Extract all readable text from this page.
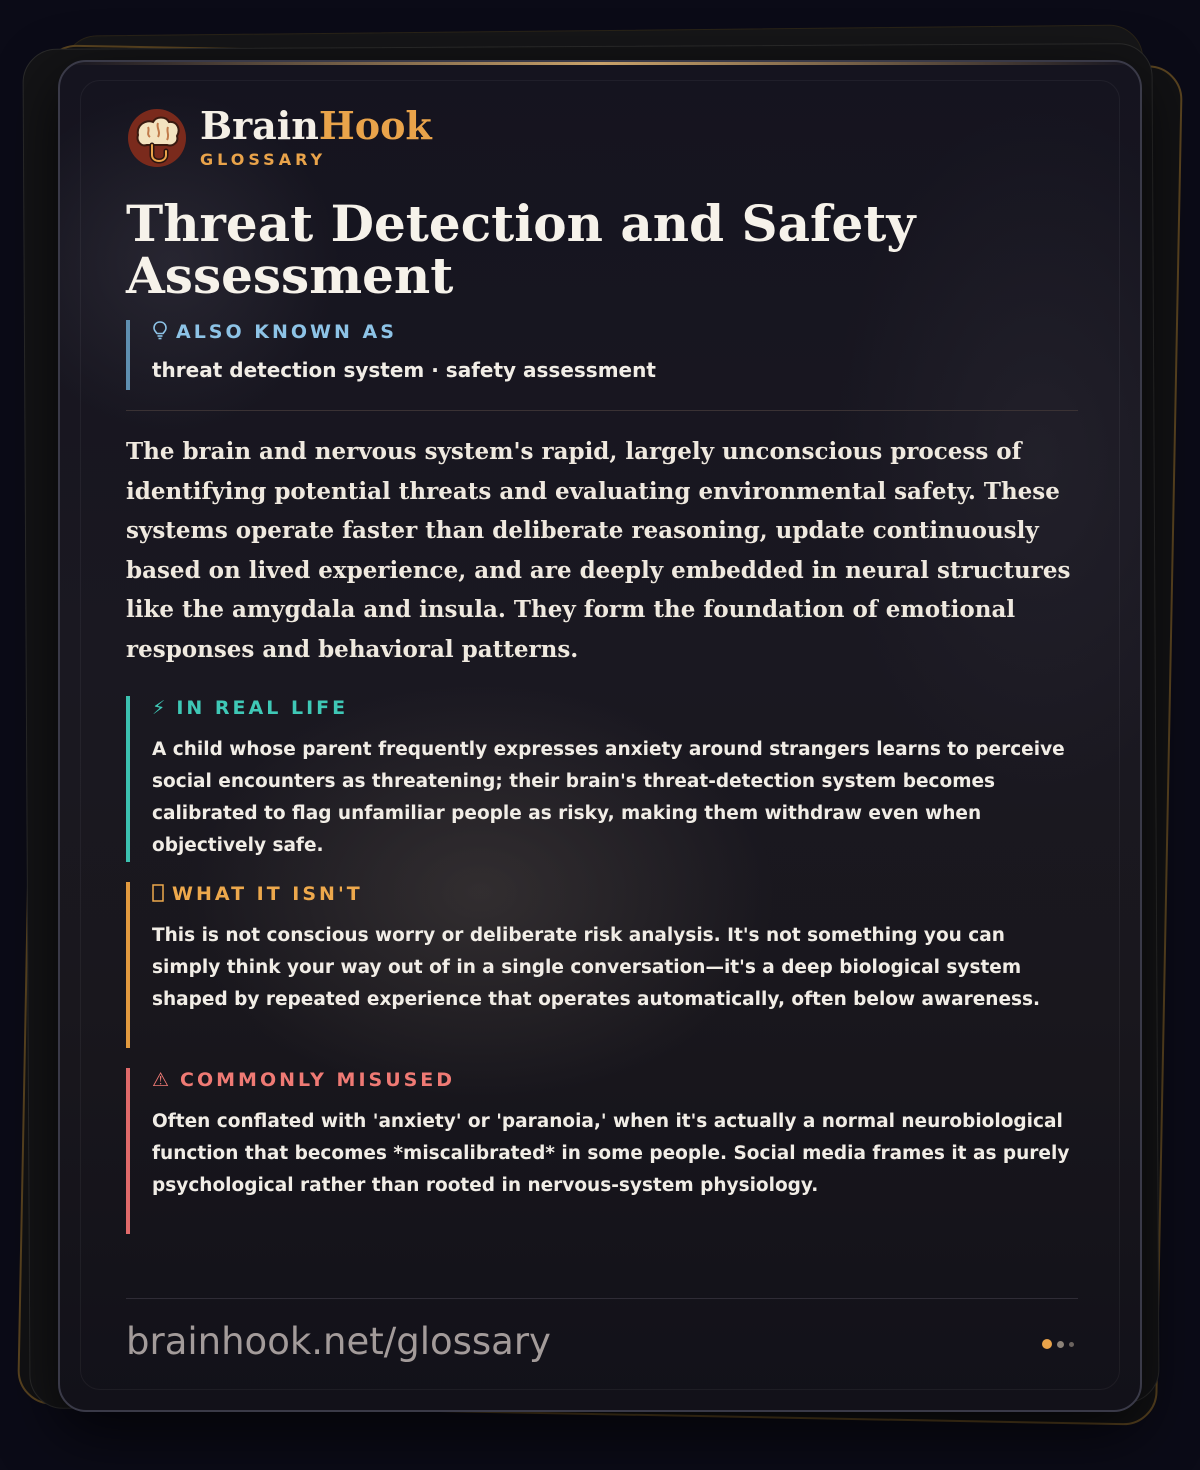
BrainHook
GLOSSARY
Threat Detection and Safety Assessment
ALSO KNOWN AS
threat detection system · safety assessment
The brain and nervous system's rapid, largely unconscious process of identifying potential threats and evaluating environmental safety. These systems operate faster than deliberate reasoning, update continuously based on lived experience, and are deeply embedded in neural structures like the amygdala and insula. They form the foundation of emotional responses and behavioral patterns.
⚡ IN REAL LIFE
A child whose parent frequently expresses anxiety around strangers learns to perceive social encounters as threatening; their brain's threat-detection system becomes calibrated to flag unfamiliar people as risky, making them withdraw even when objectively safe.
WHAT IT ISN'T
This is not conscious worry or deliberate risk analysis. It's not something you can simply think your way out of in a single conversation—it's a deep biological system shaped by repeated experience that operates automatically, often below awareness.
⚠ COMMONLY MISUSED
Often conflated with 'anxiety' or 'paranoia,' when it's actually a normal neurobiological function that becomes *miscalibrated* in some people. Social media frames it as purely psychological rather than rooted in nervous-system physiology.
brainhook.net/glossary
